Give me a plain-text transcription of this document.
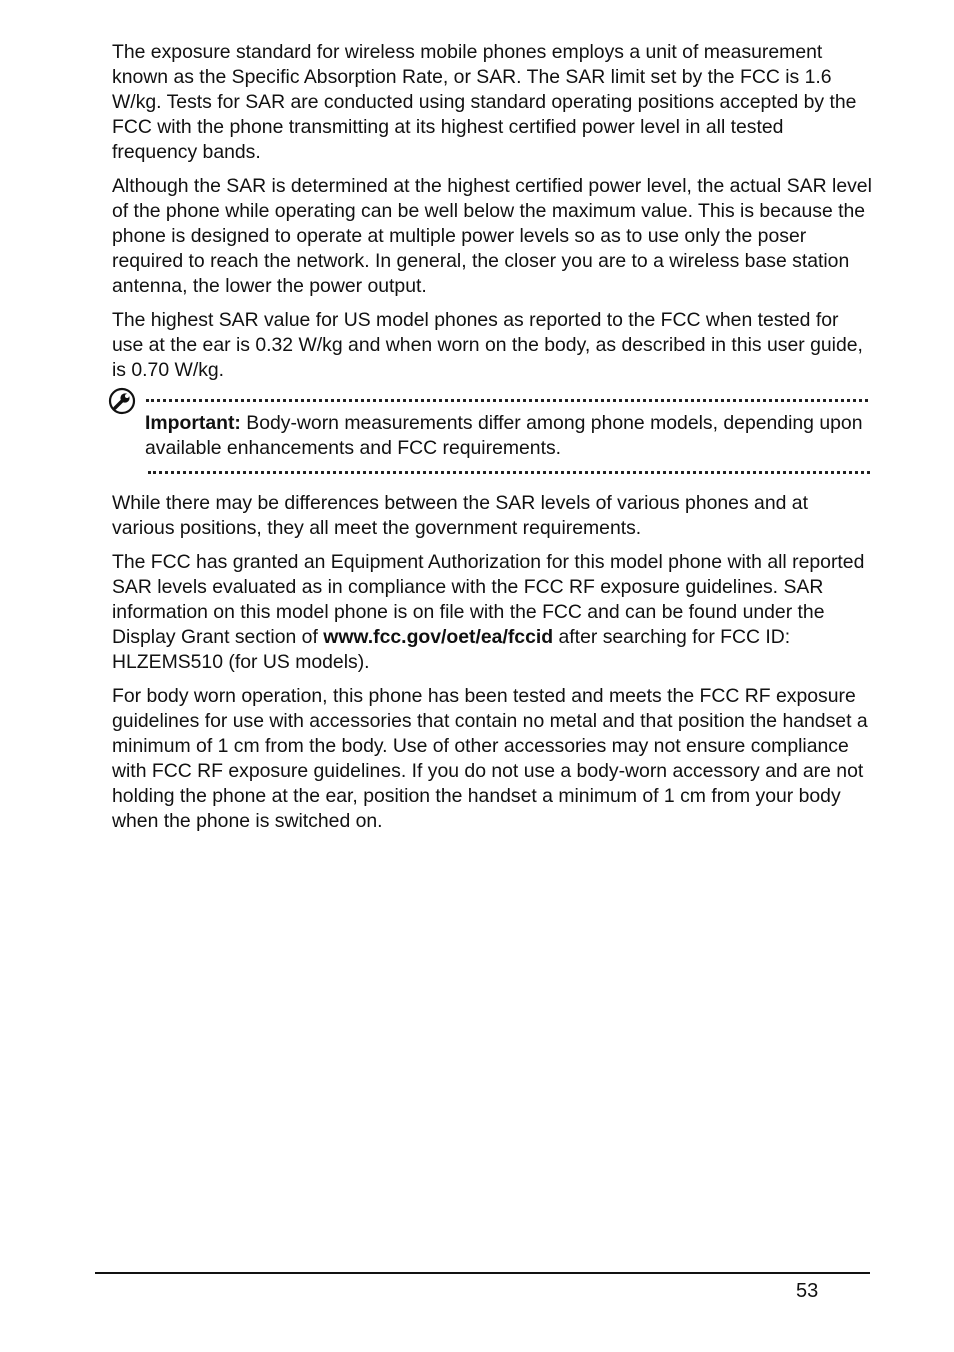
The exposure standard for wireless mobile phones employs a unit of measurement known as the Specific Absorption Rate, or SAR. The SAR limit set by the FCC is 1.6 W/kg. Tests for SAR are conducted using standard operating positions accepted by the FCC with the phone transmitting at its highest certified power level in all tested frequency bands.

Although the SAR is determined at the highest certified power level, the actual SAR level of the phone while operating can be well below the maximum value. This is because the phone is designed to operate at multiple power levels so as to use only the poser required to reach the network. In general, the closer you are to a wireless base station antenna, the lower the power output.

The highest SAR value for US model phones as reported to the FCC when tested for use at the ear is 0.32 W/kg and when worn on the body, as described in this user guide, is 0.70 W/kg.

Important: Body-worn measurements differ among phone models, depending upon available enhancements and FCC requirements.

While there may be differences between the SAR levels of various phones and at various positions, they all meet the government requirements.

The FCC has granted an Equipment Authorization for this model phone with all reported SAR levels evaluated as in compliance with the FCC RF exposure guidelines. SAR information on this model phone is on file with the FCC and can be found under the Display Grant section of www.fcc.gov/oet/ea/fccid after searching for FCC ID: HLZEMS510 (for US models).

For body worn operation, this phone has been tested and meets the FCC RF exposure guidelines for use with accessories that contain no metal and that position the handset a minimum of 1 cm from the body. Use of other accessories may not ensure compliance with FCC RF exposure guidelines. If you do not use a body-worn accessory and are not holding the phone at the ear, position the handset a minimum of 1 cm from your body when the phone is switched on.

53
